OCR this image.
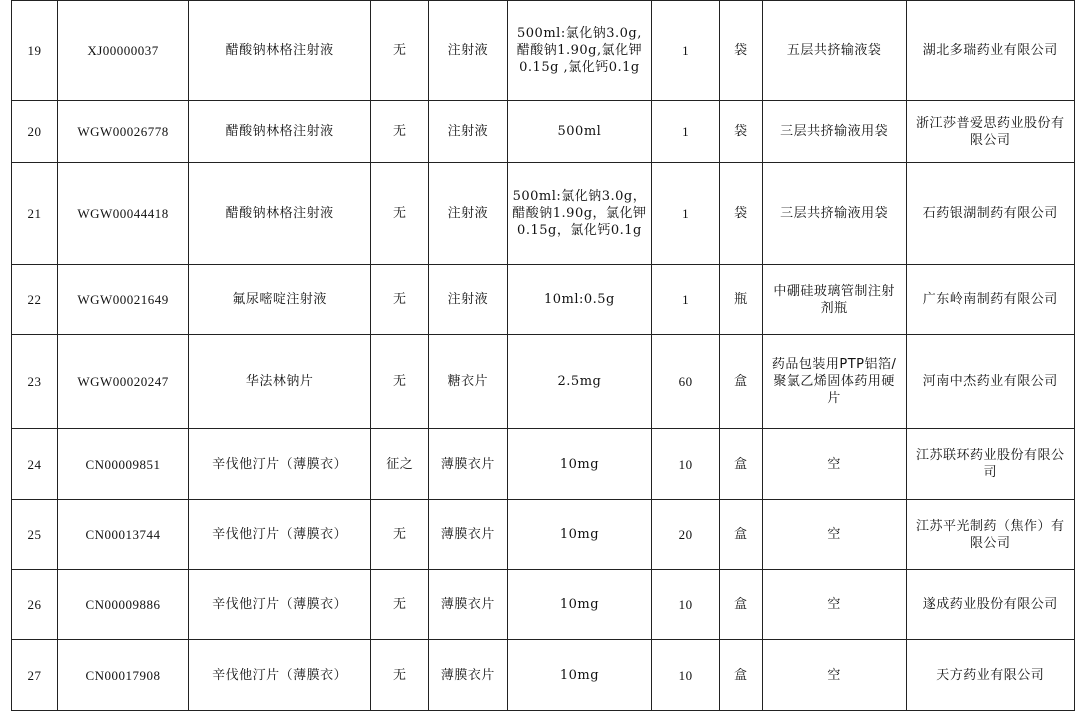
19	XJ00000037	醋酸钠林格注射液	无	注射液	500ml:氯化钠3.0g,醋酸钠1.90g,氯化钾0.15g ,氯化钙0.1g	1	袋	五层共挤输液袋	湖北多瑞药业有限公司
20	WGW00026778	醋酸钠林格注射液	无	注射液	500ml	1	袋	三层共挤输液用袋	浙江莎普爱思药业股份有限公司
21	WGW00044418	醋酸钠林格注射液	无	注射液	500ml:氯化钠3.0g，醋酸钠1.90g，氯化钾0.15g，氯化钙0.1g	1	袋	三层共挤输液用袋	石药银湖制药有限公司
22	WGW00021649	氟尿嘧啶注射液	无	注射液	10ml:0.5g	1	瓶	中硼硅玻璃管制注射剂瓶	广东岭南制药有限公司
23	WGW00020247	华法林钠片	无	糖衣片	2.5mg	60	盒	药品包装用PTP铝箔/聚氯乙烯固体药用硬片	河南中杰药业有限公司
24	CN00009851	辛伐他汀片（薄膜衣）	征之	薄膜衣片	10mg	10	盒	空	江苏联环药业股份有限公司
25	CN00013744	辛伐他汀片（薄膜衣）	无	薄膜衣片	10mg	20	盒	空	江苏平光制药（焦作）有限公司
26	CN00009886	辛伐他汀片（薄膜衣）	无	薄膜衣片	10mg	10	盒	空	遂成药业股份有限公司
27	CN00017908	辛伐他汀片（薄膜衣）	无	薄膜衣片	10mg	10	盒	空	天方药业有限公司
